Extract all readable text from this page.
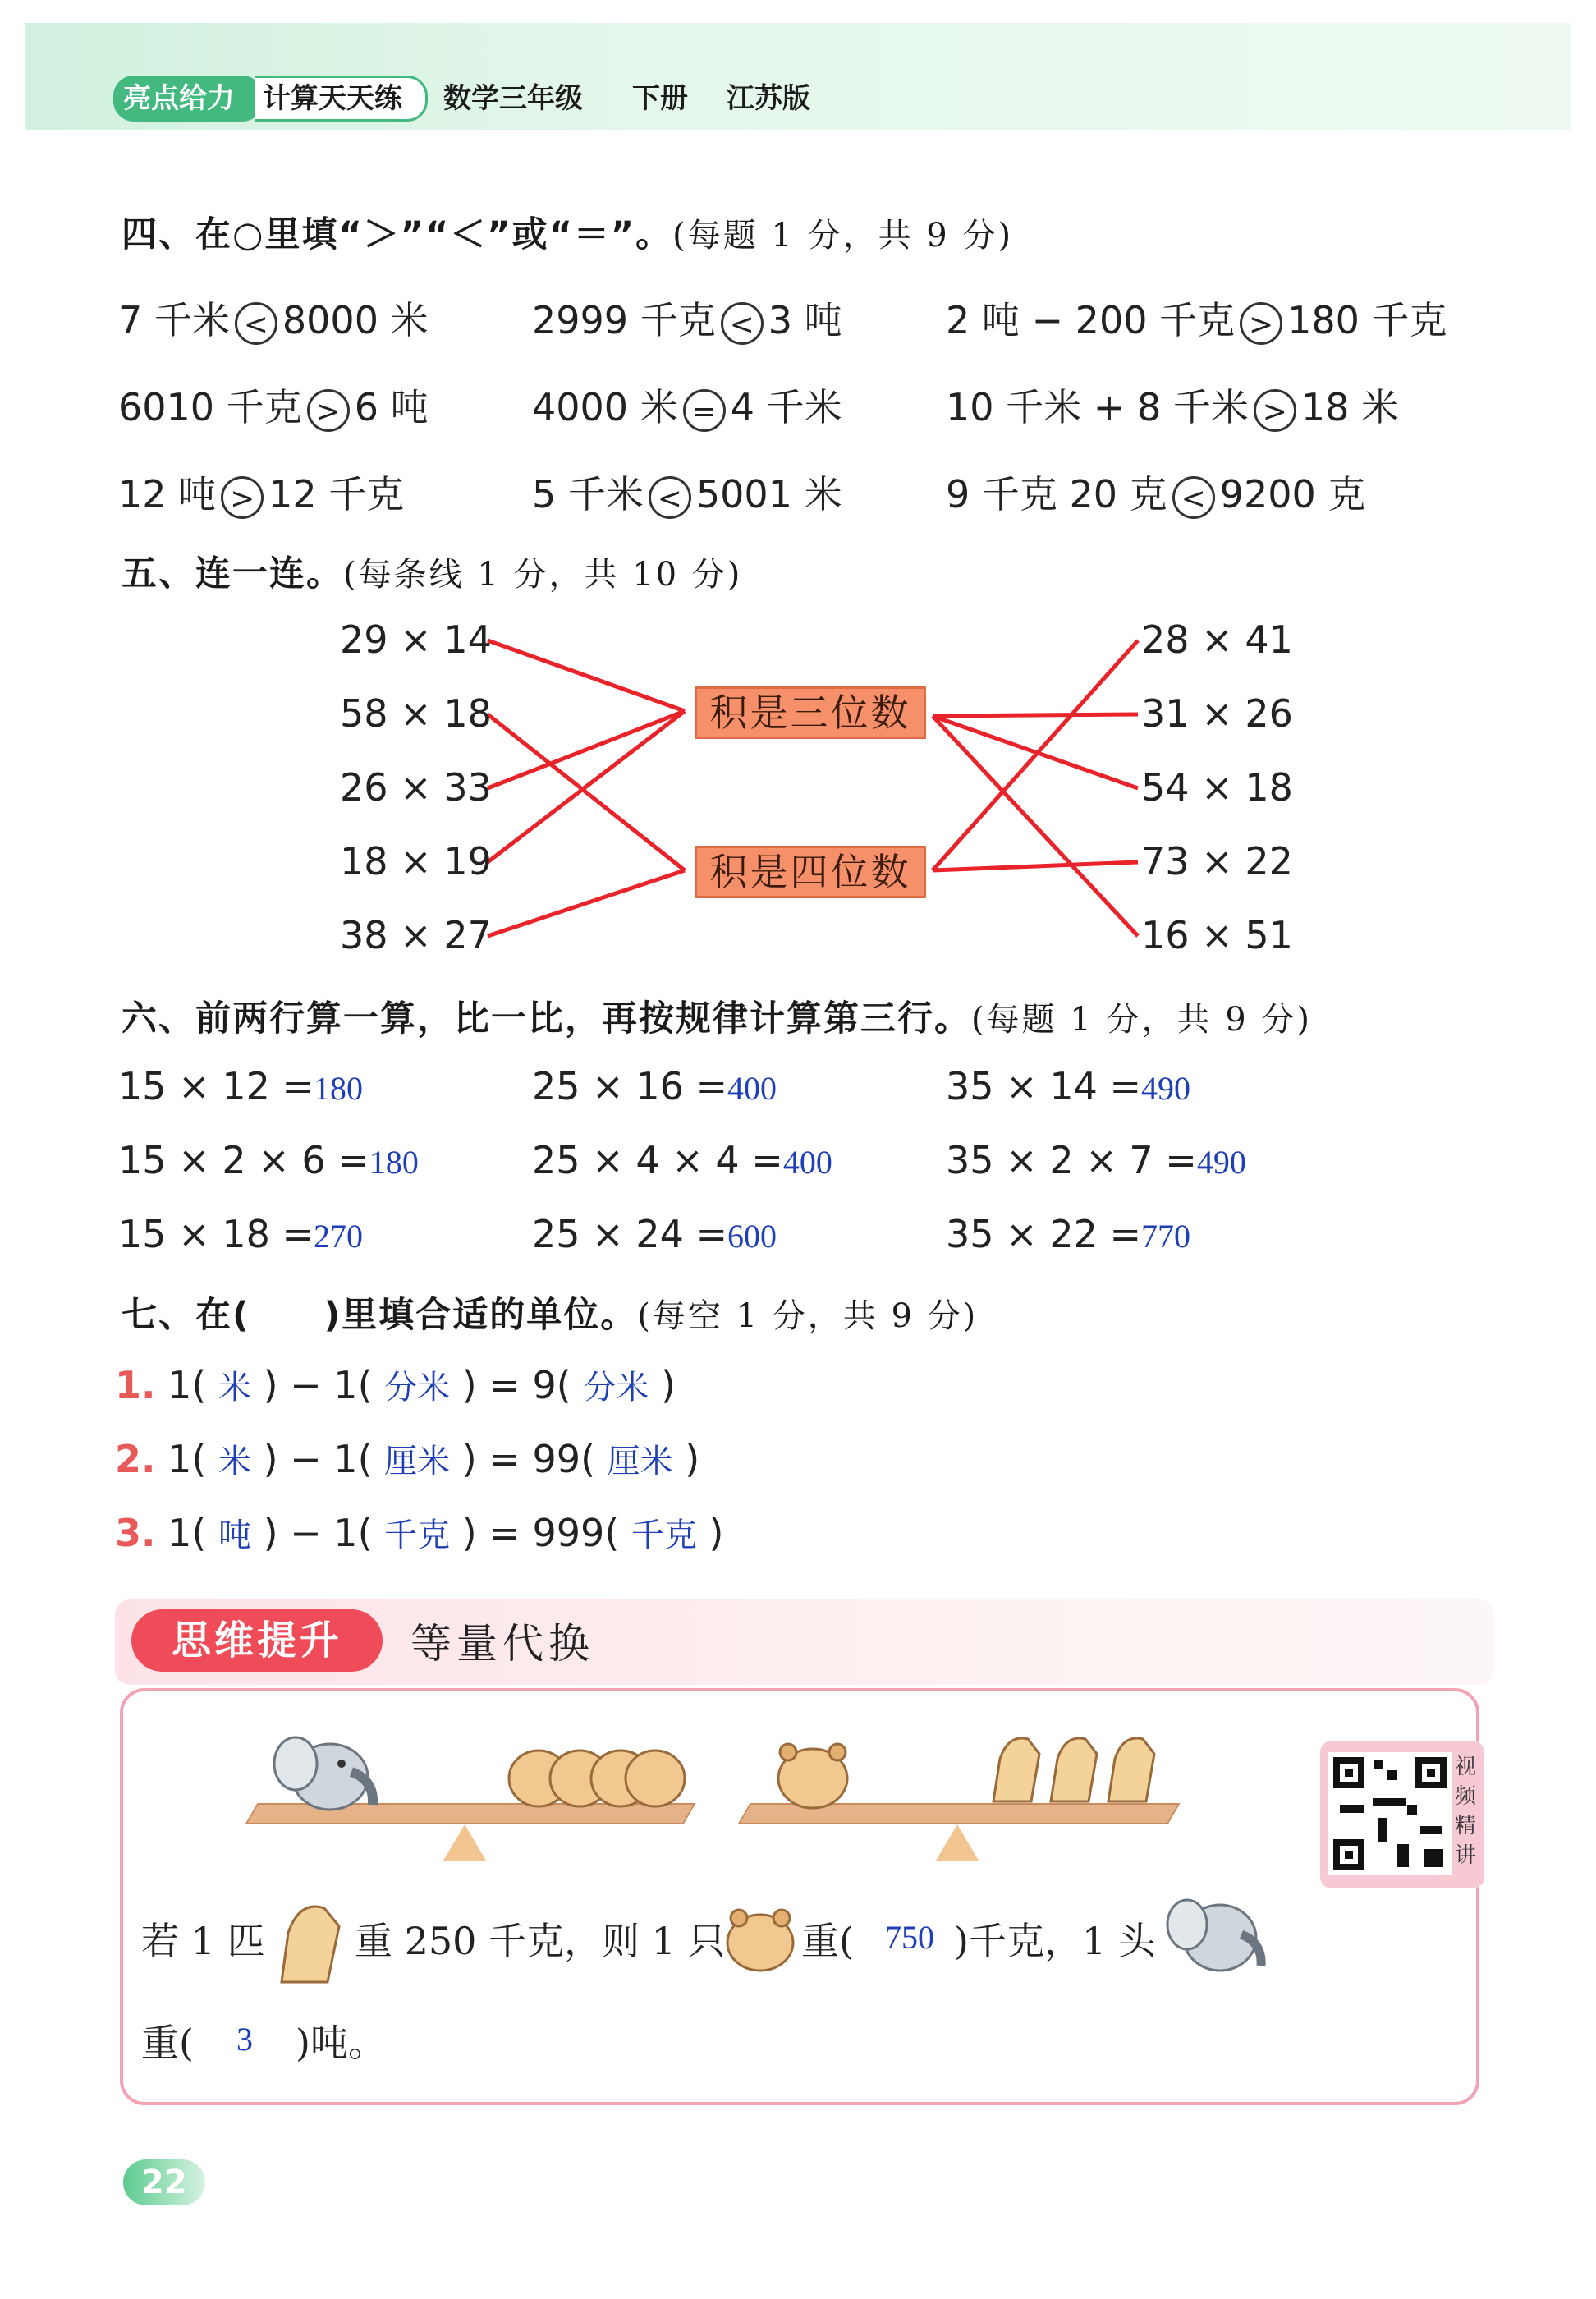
亮点给力 计算天天练 数学三年级 下册 江苏版
四、在○里填“＞”“＜”或“＝”。(每题 1 分，共 9 分)
7 千米 < 8000 米	2999 千克 < 3 吨	2 吨 − 200 千克 > 180 千克
6010 千克 > 6 吨	4000 米 = 4 千米	10 千米 + 8 千米 > 18 米
12 吨 > 12 千克	5 千米 < 5001 米	9 千克 20 克 < 9200 克
五、连一连。(每条线 1 分，共 10 分)
29 × 14
58 × 18
26 × 33
18 × 19
38 × 27
28 × 41
31 × 26
54 × 18
73 × 22
16 × 51
积是三位数
积是四位数
六、前两行算一算，比一比，再按规律计算第三行。(每题 1 分，共 9 分)
15 × 12 =180	25 × 16 =400	35 × 14 =490
15 × 2 × 6 =180	25 × 4 × 4 =400	35 × 2 × 7 =490
15 × 18 =270	25 × 24 =600	35 × 22 =770
七、在(　　)里填合适的单位。(每空 1 分，共 9 分)
1. 1( 米 ) − 1( 分米 ) = 9( 分米 )
2. 1( 米 ) − 1( 厘米 ) = 99( 厘米 )
3. 1( 吨 ) − 1( 千克 ) = 999( 千克 )
思维提升	等量代换
视频精讲
若 1 匹 重 250 千克，则 1 只 重( 750 )千克，1 头
重( 3 )吨。
22
